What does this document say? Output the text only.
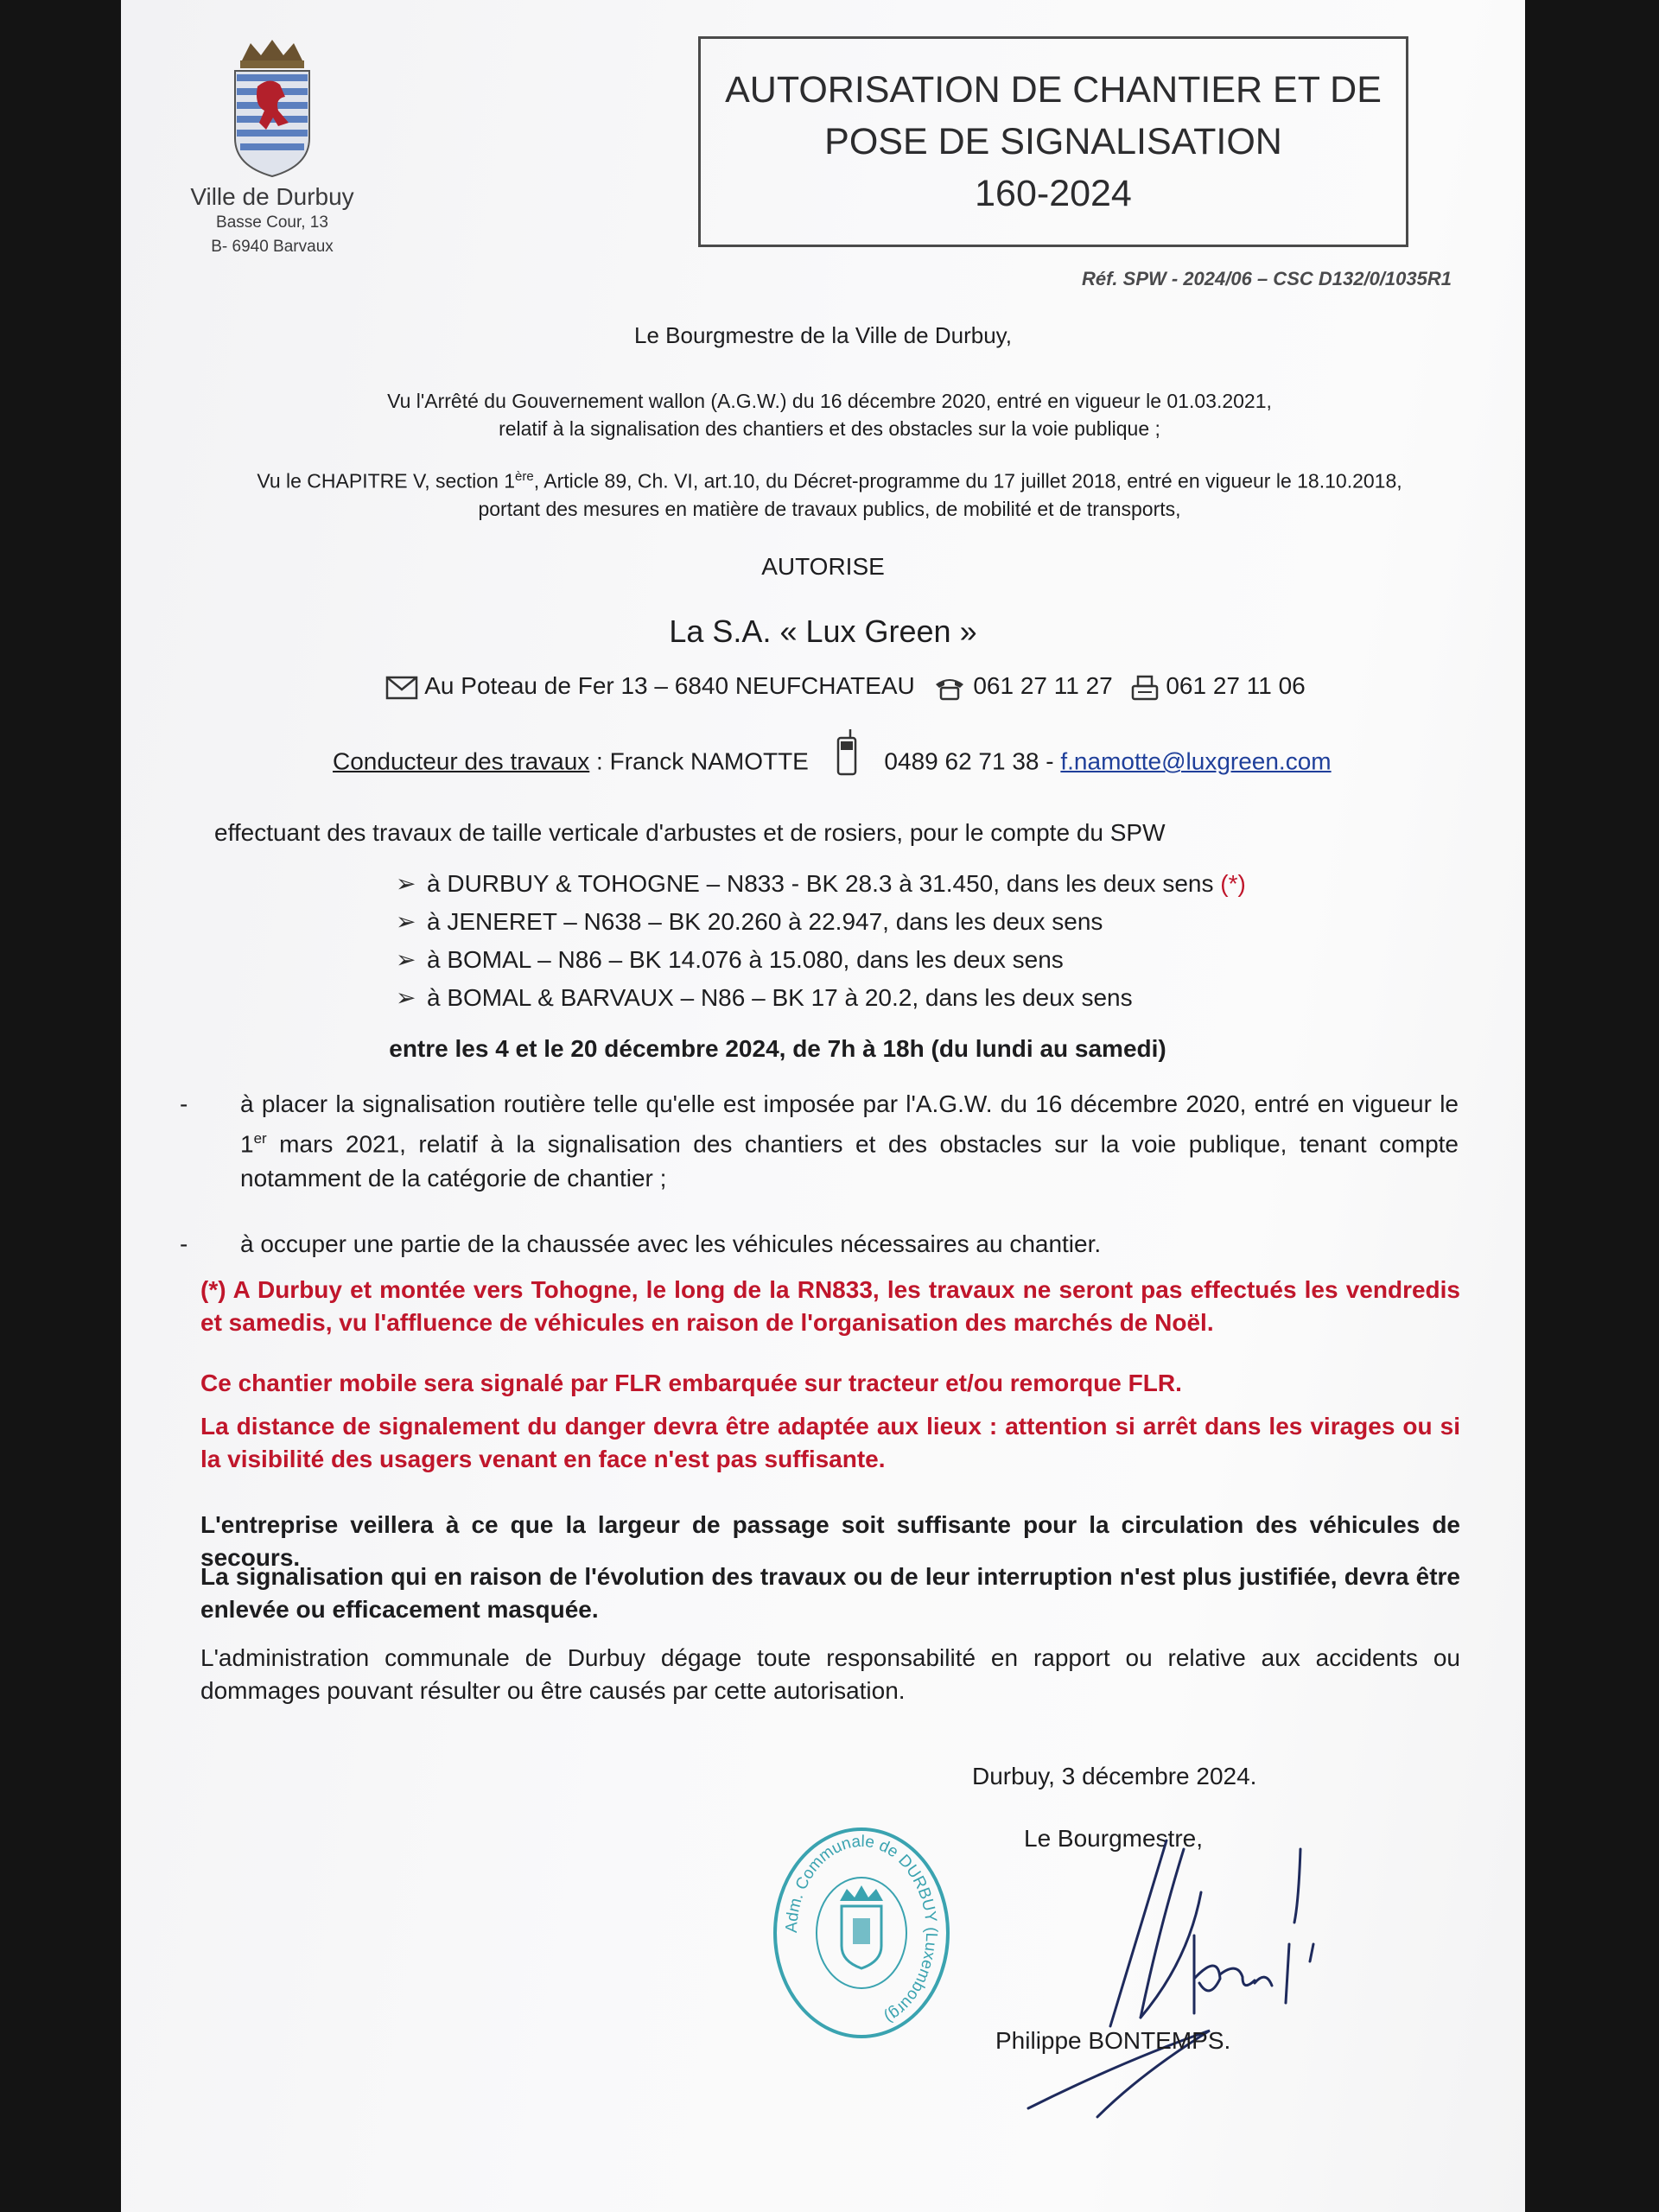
Ville de Durbuy
Basse Cour, 13
B- 6940 Barvaux
AUTORISATION DE CHANTIER ET DE
POSE DE SIGNALISATION
160-2024
Réf. SPW - 2024/06 – CSC D132/0/1035R1
Le Bourgmestre de la Ville de Durbuy,
Vu l'Arrêté du Gouvernement wallon (A.G.W.) du 16 décembre 2020, entré en vigueur le 01.03.2021,
relatif à la signalisation des chantiers et des obstacles sur la voie publique ;
Vu le CHAPITRE V, section 1ère, Article 89, Ch. VI, art.10, du Décret-programme du 17 juillet 2018, entré en vigueur le 18.10.2018,
portant des mesures en matière de travaux publics, de mobilité et de transports,
AUTORISE
La S.A. « Lux Green »
Au Poteau de Fer 13 – 6840 NEUFCHATEAU 061 27 11 27 061 27 11 06
Conducteur des travaux : Franck NAMOTTE	0489 62 71 38 - f.namotte@luxgreen.com
effectuant des travaux de taille verticale d'arbustes et de rosiers, pour le compte du SPW
➢ à DURBUY & TOHOGNE – N833 - BK 28.3 à 31.450, dans les deux sens (*)
➢ à JENERET – N638 – BK 20.260 à 22.947, dans les deux sens
➢ à BOMAL – N86 – BK 14.076 à 15.080, dans les deux sens
➢ à BOMAL & BARVAUX – N86 – BK 17 à 20.2, dans les deux sens
entre les 4 et le 20 décembre 2024, de 7h à 18h (du lundi au samedi)
- à placer la signalisation routière telle qu'elle est imposée par l'A.G.W. du 16 décembre 2020, entré en vigueur le 1er mars 2021, relatif à la signalisation des chantiers et des obstacles sur la voie publique, tenant compte notamment de la catégorie de chantier ;
- à occuper une partie de la chaussée avec les véhicules nécessaires au chantier.
(*) A Durbuy et montée vers Tohogne, le long de la RN833, les travaux ne seront pas effectués les vendredis et samedis, vu l'affluence de véhicules en raison de l'organisation des marchés de Noël.
Ce chantier mobile sera signalé par FLR embarquée sur tracteur et/ou remorque FLR.
La distance de signalement du danger devra être adaptée aux lieux : attention si arrêt dans les virages ou si la visibilité des usagers venant en face n'est pas suffisante.
L'entreprise veillera à ce que la largeur de passage soit suffisante pour la circulation des véhicules de secours.
La signalisation qui en raison de l'évolution des travaux ou de leur interruption n'est plus justifiée, devra être enlevée ou efficacement masquée.
L'administration communale de Durbuy dégage toute responsabilité en rapport ou relative aux accidents ou dommages pouvant résulter ou être causés par cette autorisation.
Durbuy, 3 décembre 2024.
Le Bourgmestre,
Adm. Communale de DURBUY (Luxembourg)
Philippe BONTEMPS.
